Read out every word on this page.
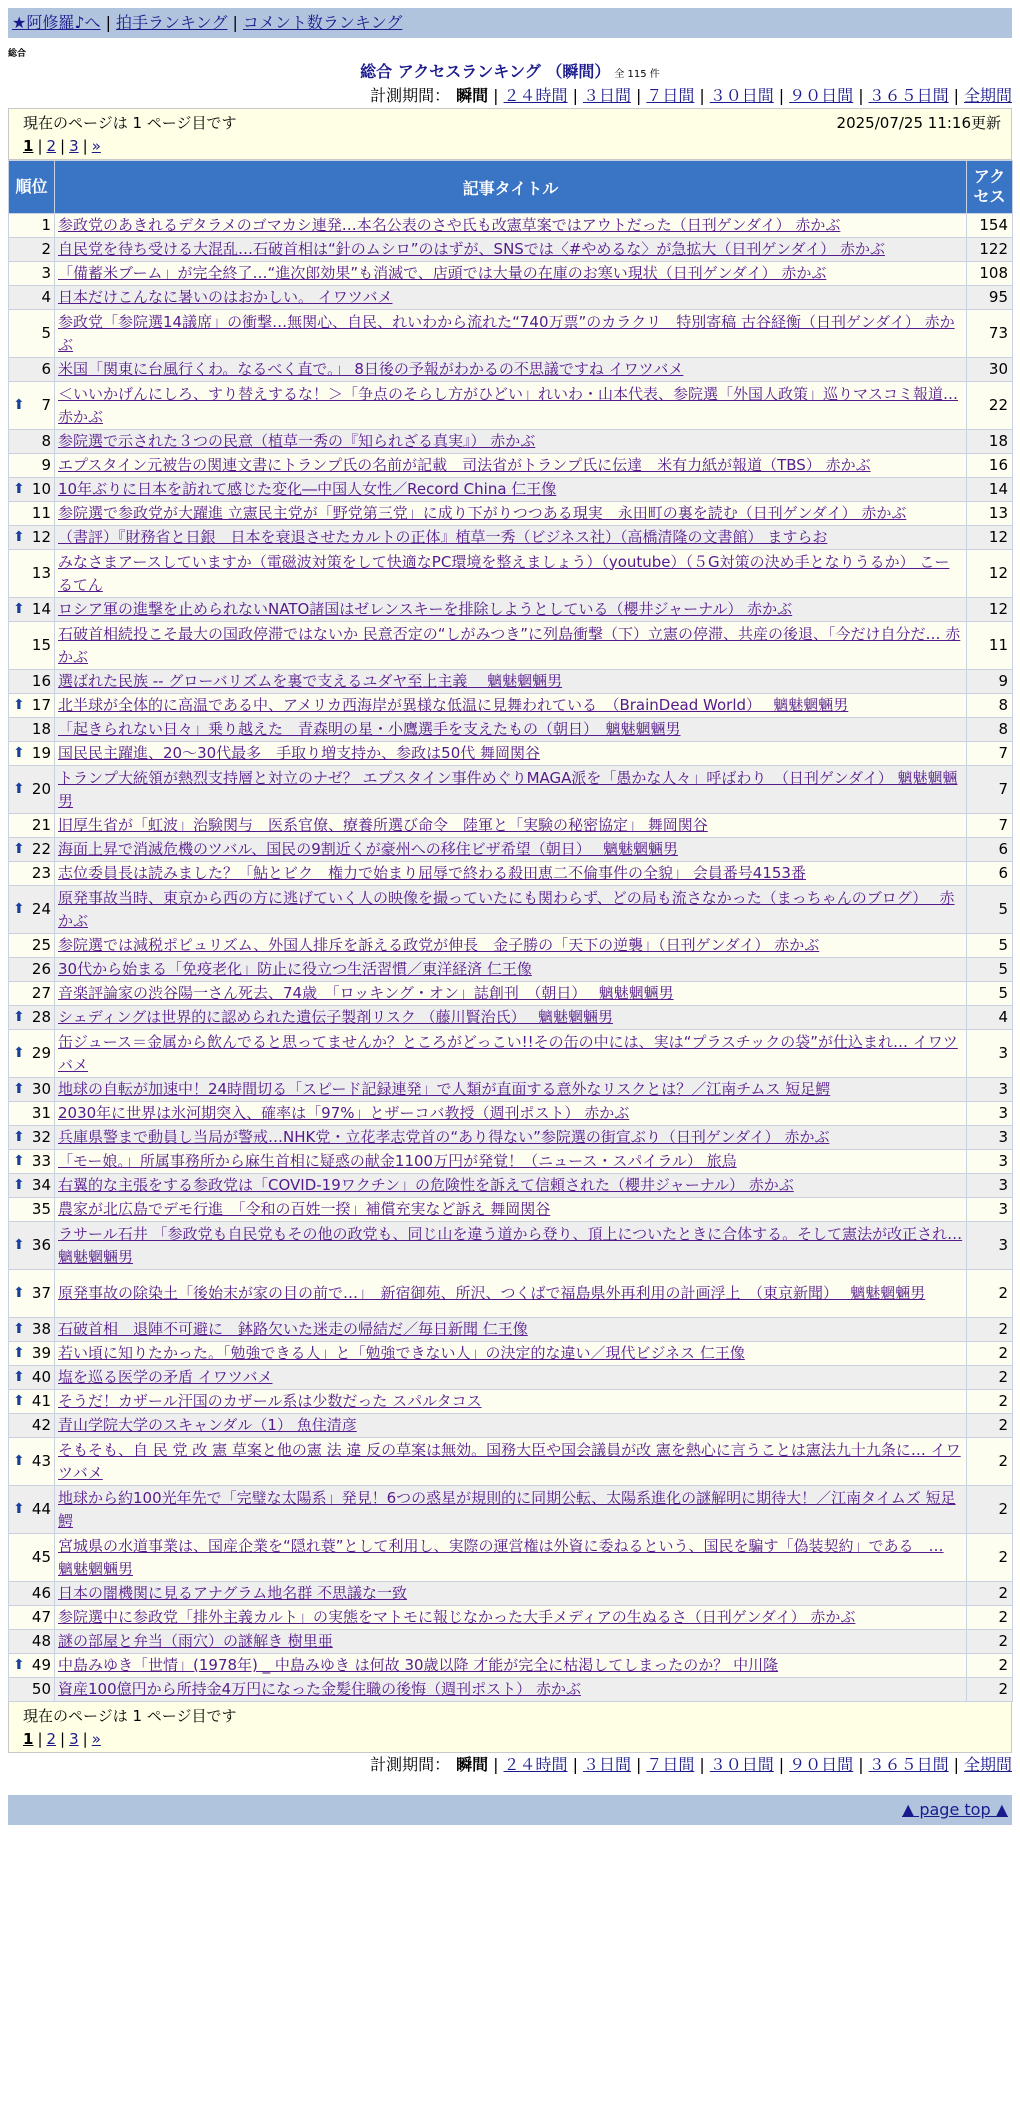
★阿修羅♪へ | 拍手ランキング | コメント数ランキング
総合
総合 アクセスランキング （瞬間） 全 115 件
計測期間： 瞬間 | ２４時間 | ３日間 | ７日間 | ３０日間 | ９０日間 | ３６５日間 | 全期間
2025/07/25 11:16更新
現在のページは 1 ページ目です
1 | 2 | 3 | »
順位	記事タイトル	アクセス
1	参政党のあきれるデタラメのゴマカシ連発…本名公表のさや氏も改憲草案ではアウトだった（日刊ゲンダイ） 赤かぶ	154
2	自民党を待ち受ける大混乱…石破首相は“針のムシロ”のはずが、SNSでは〈#やめるな〉が急拡大（日刊ゲンダイ） 赤かぶ	122
3	「備蓄米ブーム」が完全終了…“進次郎効果”も消滅で、店頭では大量の在庫のお寒い現状（日刊ゲンダイ） 赤かぶ	108
4	日本だけこんなに暑いのはおかしい。 イワツバメ	95
5	参政党「参院選14議席」の衝撃…無関心、自民、れいわから流れた“740万票”のカラクリ　特別寄稿 古谷経衡（日刊ゲンダイ） 赤かぶ	73
6	米国「関東に台風行くわ。なるべく直で。」 8日後の予報がわかるの不思議ですね イワツバメ	30

⬆ 7	＜いいかげんにしろ、すり替えするな！＞「争点のそらし方がひどい」れいわ・山本代表、参院選「外国人政策」巡りマスコミ報道… 赤かぶ	22
8	参院選で示された３つの民意（植草一秀の『知られざる真実』） 赤かぶ	18
9	エプスタイン元被告の関連文書にトランプ氏の名前が記載　司法省がトランプ氏に伝達　米有力紙が報道（TBS） 赤かぶ	16

⬆ 10	10年ぶりに日本を訪れて感じた変化―中国人女性／Record China 仁王像	14
11	参院選で参政党が大躍進 立憲民主党が「野党第三党」に成り下がりつつある現実　永田町の裏を読む（日刊ゲンダイ） 赤かぶ	13

⬆ 12	（書評）『財務省と日銀　日本を衰退させたカルトの正体』植草一秀（ビジネス社）（高橋清隆の文書館） ますらお	12
13	みなさまアースしていますか（電磁波対策をして快適なPC環境を整えましょう）（youtube）（５G対策の決め手となりうるか） こーるてん	12

⬆ 14	ロシア軍の進撃を止められないNATO諸国はゼレンスキーを排除しようとしている（櫻井ジャーナル） 赤かぶ	12
15	石破首相続投こそ最大の国政停滞ではないか 民意否定の“しがみつき”に列島衝撃（下）立憲の停滞、共産の後退、「今だけ自分だ… 赤かぶ	11
16	選ばれた民族 -- グローバリズムを裏で支えるユダヤ至上主義　 魑魅魍魎男	9

⬆ 17	北半球が全体的に高温である中、アメリカ西海岸が異様な低温に見舞われている　（BrainDead World）　 魑魅魍魎男	8
18	「起きられない日々」乗り越えた　青森明の星・小鷹選手を支えたもの（朝日）　魑魅魍魎男	8

⬆ 19	国民民主躍進、20～30代最多　手取り増支持か、参政は50代 舞岡関谷	7

⬆ 20	トランプ大統領が熱烈支持層と対立のナゼ？ エプスタイン事件めぐりMAGA派を「愚かな人々」呼ばわり　（日刊ゲンダイ） 魑魅魍魎男	7
21	旧厚生省が「虹波」治験関与　医系官僚、療養所選び命令　陸軍と「実験の秘密協定」 舞岡関谷	7

⬆ 22	海面上昇で消滅危機のツバル、国民の9割近くが豪州への移住ビザ希望（朝日）　 魑魅魍魎男	6
23	志位委員長は読みました？「鮎とビク　権力で始まり屈辱で終わる殺田恵二不倫事件の全貌」 会員番号4153番	6

⬆ 24	原発事故当時、東京から西の方に逃げていく人の映像を撮っていたにも関わらず、どの局も流さなかった（まっちゃんのブログ）　 赤かぶ	5
25	参院選では減税ポピュリズム、外国人排斥を訴える政党が伸長　金子勝の「天下の逆襲」（日刊ゲンダイ） 赤かぶ	5
26	30代から始まる「免疫老化」防止に役立つ生活習慣／東洋経済 仁王像	5
27	音楽評論家の渋谷陽一さん死去、74歳　「ロッキング・オン」誌創刊　（朝日）　 魑魅魍魎男	5

⬆ 28	シェディングは世界的に認められた遺伝子製剤リスク （藤川賢治氏）　 魑魅魍魎男	4

⬆ 29	缶ジュース＝金属から飲んでると思ってませんか？ところがどっこい!!その缶の中には、実は“プラスチックの袋”が仕込まれ… イワツバメ	3

⬆ 30	地球の自転が加速中！24時間切る「スピード記録連発」で人類が直面する意外なリスクとは？／江南チムス 短足鰐	3
31	2030年に世界は氷河期突入、確率は「97%」とザーコバ教授（週刊ポスト） 赤かぶ	3

⬆ 32	兵庫県警まで動員し当局が警戒…NHK党・立花孝志党首の“あり得ない”参院選の街宣ぶり（日刊ゲンダイ） 赤かぶ	3

⬆ 33	「モー娘。」所属事務所から麻生首相に疑惑の献金1100万円が発覚！（ニュース・スパイラル） 旅烏	3

⬆ 34	右翼的な主張をする参政党は「COVID-19ワクチン」の危険性を訴えて信頼された（櫻井ジャーナル） 赤かぶ	3
35	農家が北広島でデモ行進　「令和の百姓一揆」補償充実など訴え 舞岡関谷	3

⬆ 36	ラサール石井 「参政党も自民党もその他の政党も、同じ山を違う道から登り、頂上についたときに合体する。そして憲法が改正され… 魑魅魍魎男	3

⬆ 37	原発事故の除染土「後始末が家の目の前で…」　新宿御苑、所沢、つくばで福島県外再利用の計画浮上　（東京新聞）　 魑魅魍魎男	2

⬆ 38	石破首相　退陣不可避に　鉢路欠いた迷走の帰結だ／毎日新聞 仁王像	2

⬆ 39	若い頃に知りたかった。「勉強できる人」と「勉強できない人」の決定的な違い／現代ビジネス 仁王像	2

⬆ 40	塩を巡る医学の矛盾 イワツバメ	2

⬆ 41	そうだ！カザール汗国のカザール系は少数だった スパルタコス	2
42	青山学院大学のスキャンダル（1） 魚住清彦	2

⬆ 43	そもそも、自 民 党 改 憲 草案と他の憲 法 違 反の草案は無効。国務大臣や国会議員が改 憲を熱心に言うことは憲法九十九条に… イワツバメ	2

⬆ 44	地球から約100光年先で「完璧な太陽系」発見！6つの惑星が規則的に同期公転、太陽系進化の謎解明に期待大！／江南タイムズ 短足鰐	2
45	宮城県の水道事業は、国産企業を“隠れ蓑”として利用し、実際の運営権は外資に委ねるという、国民を騙す「偽装契約」である　… 魑魅魍魎男	2
46	日本の闇機関に見るアナグラム地名群 不思議な一致	2
47	参院選中に参政党「排外主義カルト」の実態をマトモに報じなかった大手メディアの生ぬるさ（日刊ゲンダイ） 赤かぶ	2
48	謎の部屋と弁当（雨穴）の謎解き 樹里亜	2

⬆ 49	中島みゆき「世情」(1978年) _ 中島みゆき は何故 30歳以降 才能が完全に枯渇してしまったのか？ 中川隆	2
50	資産100億円から所持金4万円になった金髪住職の後悔（週刊ポスト） 赤かぶ	2
現在のページは 1 ページ目です
1 | 2 | 3 | »
計測期間： 瞬間 | ２４時間 | ３日間 | ７日間 | ３０日間 | ９０日間 | ３６５日間 | 全期間
▲ page top ▲
